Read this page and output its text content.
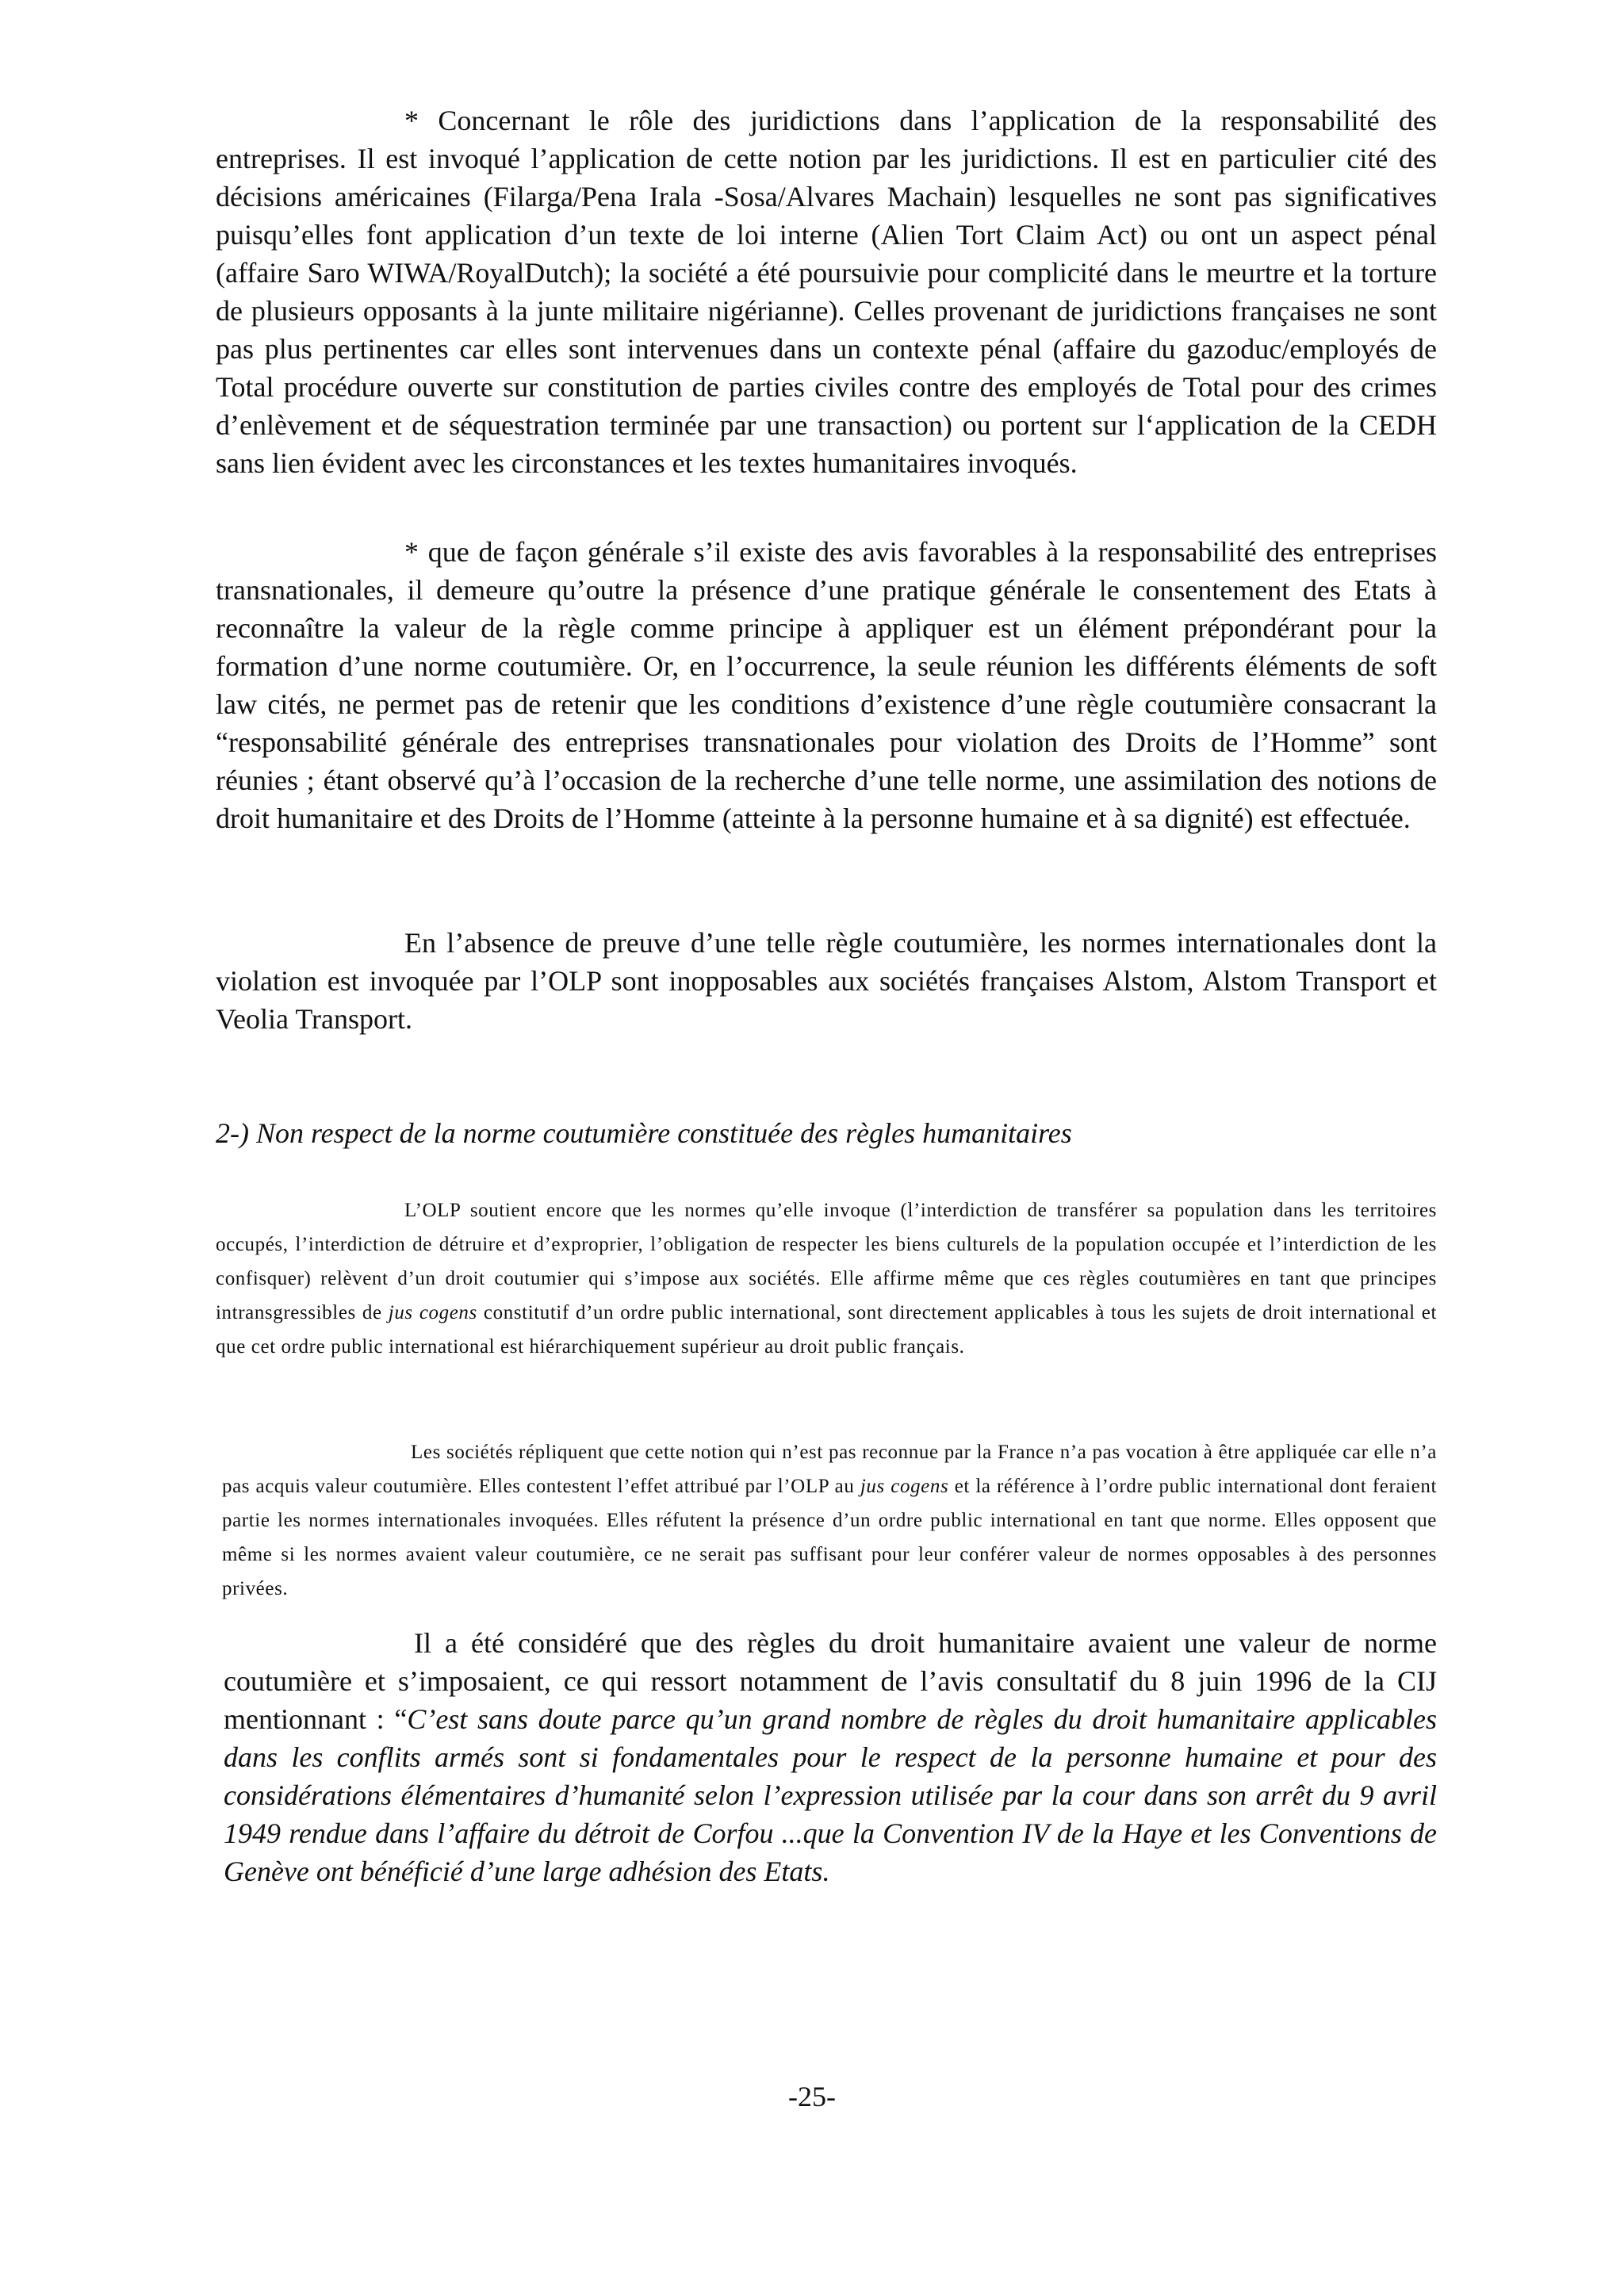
* Concernant le rôle des juridictions dans l’application de la responsabilité des entreprises. Il est invoqué l’application de cette notion par les juridictions. Il est en particulier cité des décisions américaines (Filarga/Pena Irala -Sosa/Alvares Machain) lesquelles ne sont pas significatives puisqu’elles font application d’un texte de loi interne (Alien Tort Claim Act) ou ont un aspect pénal (affaire Saro WIWA/RoyalDutch); la société a été poursuivie pour complicité dans le meurtre et la torture de plusieurs opposants à la junte militaire nigérianne). Celles provenant de juridictions françaises ne sont pas plus pertinentes car elles sont intervenues dans un contexte pénal (affaire du gazoduc/employés de Total procédure ouverte sur constitution de parties civiles contre des employés de Total pour des crimes d’enlèvement et de séquestration terminée par une transaction) ou portent sur l‘application de la CEDH sans lien évident avec les circonstances et les textes humanitaires invoqués.

* que de façon générale s’il existe des avis favorables à la responsabilité des entreprises transnationales, il demeure qu’outre la présence d’une pratique générale le consentement des Etats à reconnaître la valeur de la règle comme principe à appliquer est un élément prépondérant pour la formation d’une norme coutumière. Or, en l’occurrence, la seule réunion les différents éléments de soft law cités, ne permet pas de retenir que les conditions d’existence d’une règle coutumière consacrant la “responsabilité générale des entreprises transnationales pour violation des Droits de l’Homme” sont réunies ; étant observé qu’à l’occasion de la recherche d’une telle norme, une assimilation des notions de droit humanitaire et des Droits de l’Homme (atteinte à la personne humaine et à sa dignité) est effectuée.

En l’absence de preuve d’une telle règle coutumière, les normes internationales dont la violation est invoquée par l’OLP sont inopposables aux sociétés françaises Alstom, Alstom Transport et Veolia Transport.

2-) Non respect de la norme coutumière constituée des règles humanitaires

L’OLP soutient encore que les normes qu’elle invoque (l’interdiction de transférer sa population dans les territoires occupés, l’interdiction de détruire et d’exproprier, l’obligation de respecter les biens culturels de la population occupée et l’interdiction de les confisquer) relèvent d’un droit coutumier qui s’impose aux sociétés. Elle affirme même que ces règles coutumières en tant que principes intransgressibles de jus cogens constitutif d’un ordre public international, sont directement applicables à tous les sujets de droit international et que cet ordre public international est hiérarchiquement supérieur au droit public français.

Les sociétés répliquent que cette notion qui n’est pas reconnue par la France n’a pas vocation à être appliquée car elle n’a pas acquis valeur coutumière. Elles contestent l’effet attribué par l’OLP au jus cogens et la référence à l’ordre public international dont feraient partie les normes internationales invoquées. Elles réfutent la présence d’un ordre public international en tant que norme. Elles opposent que même si les normes avaient valeur coutumière, ce ne serait pas suffisant pour leur conférer valeur de normes opposables à des personnes privées.

Il a été considéré que des règles du droit humanitaire avaient une valeur de norme coutumière et s’imposaient, ce qui ressort notamment de l’avis consultatif du 8 juin 1996 de la CIJ mentionnant : “C’est sans doute parce qu’un grand nombre de règles du droit humanitaire applicables dans les conflits armés sont si fondamentales pour le respect de la personne humaine et pour des considérations élémentaires d’humanité selon l’expression utilisée par la cour dans son arrêt du 9 avril 1949 rendue dans l’affaire du détroit de Corfou ...que la Convention IV de la Haye et les Conventions de Genève ont bénéficié d’une large adhésion des Etats.

-25-
